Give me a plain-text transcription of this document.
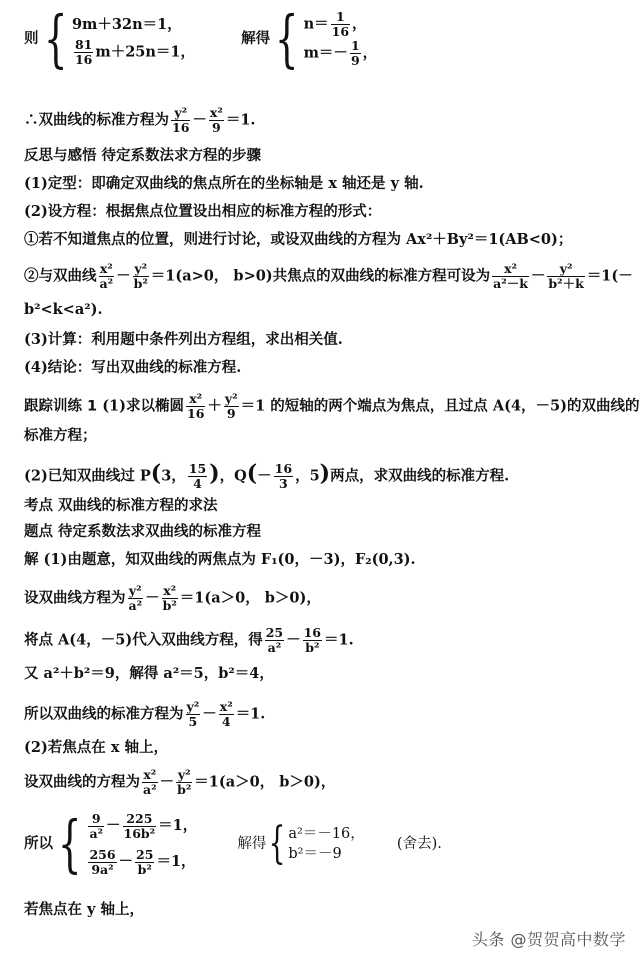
则{ 9m＋32n＝1，
$\frac{81}{16} m+25n=1$，
解得{ $n= \frac{1}{16}$ ，
$m=- \frac{1}{9}$ ，
∴双曲线的标准方程为 $\frac{\text{y²}}{16} - \frac{\text{x²}}{9} =1$.
反思与感悟 待定系数法求方程的步骤
(1)定型：即确定双曲线的焦点所在的坐标轴是 x 轴还是 y 轴.
(2)设方程：根据焦点位置设出相应的标准方程的形式：
①若不知道焦点的位置，则进行讨论，或设双曲线的方程为 Ax²＋By²＝1(AB<0)；
②与双曲线 $\frac{\text{x²}}{\text{a²}} - \frac{\text{y²}}{\text{b²}} =1(a>0$， b>0)共焦点的双曲线的标准方程可设为 $\frac{\text{x²}}{\text{a²－k}} - \frac{\text{y²}}{\text{b²＋k}} =1(-$
b²<k<a²).
(3)计算：利用题中条件列出方程组，求出相关值.
(4)结论：写出双曲线的标准方程.
跟踪训练 1 (1)求以椭圆 $\frac{\text{x²}}{16} + \frac{\text{y²}}{9} =1$ 的短轴的两个端点为焦点，且过点 A(4，－5)的双曲线的
标准方程；
(2)已知双曲线过 P(3， $\frac{15}{4}$ )，$Q(- \frac{16}{3}$ ，5)两点，求双曲线的标准方程.
考点 双曲线的标准方程的求法
题点 待定系数法求双曲线的标准方程
解 (1)由题意，知双曲线的两焦点为 F₁(0，－3)，F₂(0,3).
设双曲线方程为 $\frac{\text{y²}}{\text{a²}} - \frac{\text{x²}}{\text{b²}} =1(a>0$， b＞0)，
将点 A(4，－5)代入双曲线方程，得 $\frac{25}{\text{a²}} - \frac{16}{\text{b²}} =1$.
又 a²＋b²＝9，解得 a²＝5，b²＝4，
所以双曲线的标准方程为 $\frac{\text{y²}}{5} - \frac{\text{x²}}{4} =1$.
(2)若焦点在 x 轴上，
设双曲线的方程为 $\frac{\text{x²}}{\text{a²}} - \frac{\text{y²}}{\text{b²}} =1(a>0$， b＞0)，
所以{ $\frac{9}{\text{a²}} - \frac{225}{\text{16b²}} =1$，
$\frac{256}{\text{9a²}} - \frac{25}{\text{b²}} =1$，
解得{ a²＝－16，
b²＝－9
(舍去).
若焦点在 y 轴上，
头条 @贺贺高中数学
